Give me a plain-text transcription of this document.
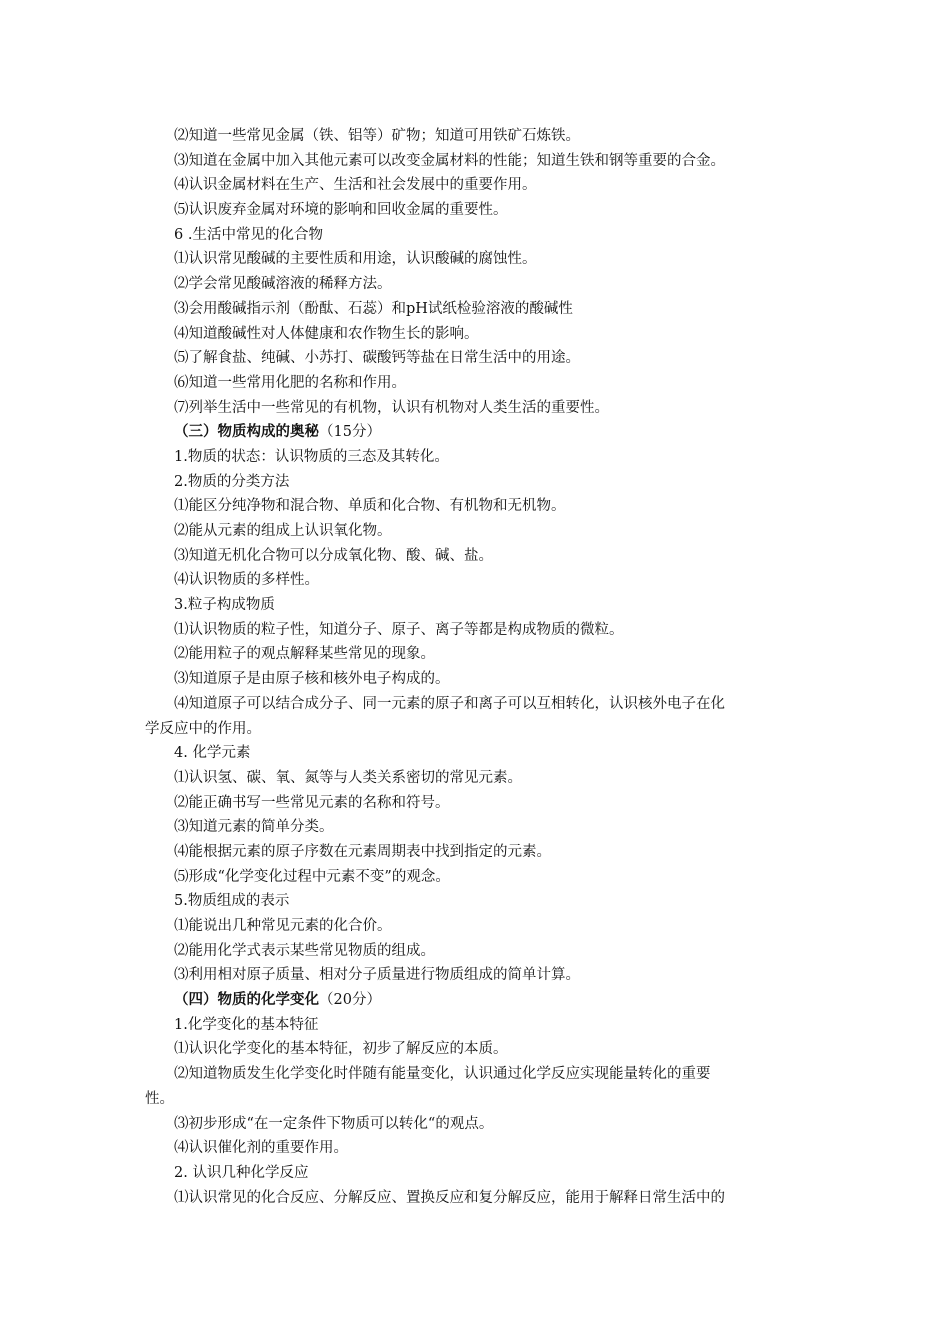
⑵知道一些常见金属（铁、铝等）矿物；知道可用铁矿石炼铁。
⑶知道在金属中加入其他元素可以改变金属材料的性能；知道生铁和钢等重要的合金。
⑷认识金属材料在生产、生活和社会发展中的重要作用。
⑸认识废弃金属对环境的影响和回收金属的重要性。
6 .生活中常见的化合物
⑴认识常见酸碱的主要性质和用途，认识酸碱的腐蚀性。
⑵学会常见酸碱溶液的稀释方法。
⑶会用酸碱指示剂（酚酞、石蕊）和pH试纸检验溶液的酸碱性
⑷知道酸碱性对人体健康和农作物生长的影响。
⑸了解食盐、纯碱、小苏打、碳酸钙等盐在日常生活中的用途。
⑹知道一些常用化肥的名称和作用。
⑺列举生活中一些常见的有机物，认识有机物对人类生活的重要性。
（三）物质构成的奥秘（15分）
1.物质的状态：认识物质的三态及其转化。
2.物质的分类方法
⑴能区分纯净物和混合物、单质和化合物、有机物和无机物。
⑵能从元素的组成上认识氧化物。
⑶知道无机化合物可以分成氧化物、酸、碱、盐。
⑷认识物质的多样性。
3.粒子构成物质
⑴认识物质的粒子性，知道分子、原子、离子等都是构成物质的微粒。
⑵能用粒子的观点解释某些常见的现象。
⑶知道原子是由原子核和核外电子构成的。
⑷知道原子可以结合成分子、同一元素的原子和离子可以互相转化，认识核外电子在化
学反应中的作用。
4. 化学元素
⑴认识氢、碳、氧、氮等与人类关系密切的常见元素。
⑵能正确书写一些常见元素的名称和符号。
⑶知道元素的简单分类。
⑷能根据元素的原子序数在元素周期表中找到指定的元素。
⑸形成“化学变化过程中元素不变”的观念。
5.物质组成的表示
⑴能说出几种常见元素的化合价。
⑵能用化学式表示某些常见物质的组成。
⑶利用相对原子质量、相对分子质量进行物质组成的简单计算。
（四）物质的化学变化（20分）
1.化学变化的基本特征
⑴认识化学变化的基本特征，初步了解反应的本质。
⑵知道物质发生化学变化时伴随有能量变化，认识通过化学反应实现能量转化的重要
性。
⑶初步形成“在一定条件下物质可以转化“的观点。
⑷认识催化剂的重要作用。
2. 认识几种化学反应
⑴认识常见的化合反应、分解反应、置换反应和复分解反应，能用于解释日常生活中的
